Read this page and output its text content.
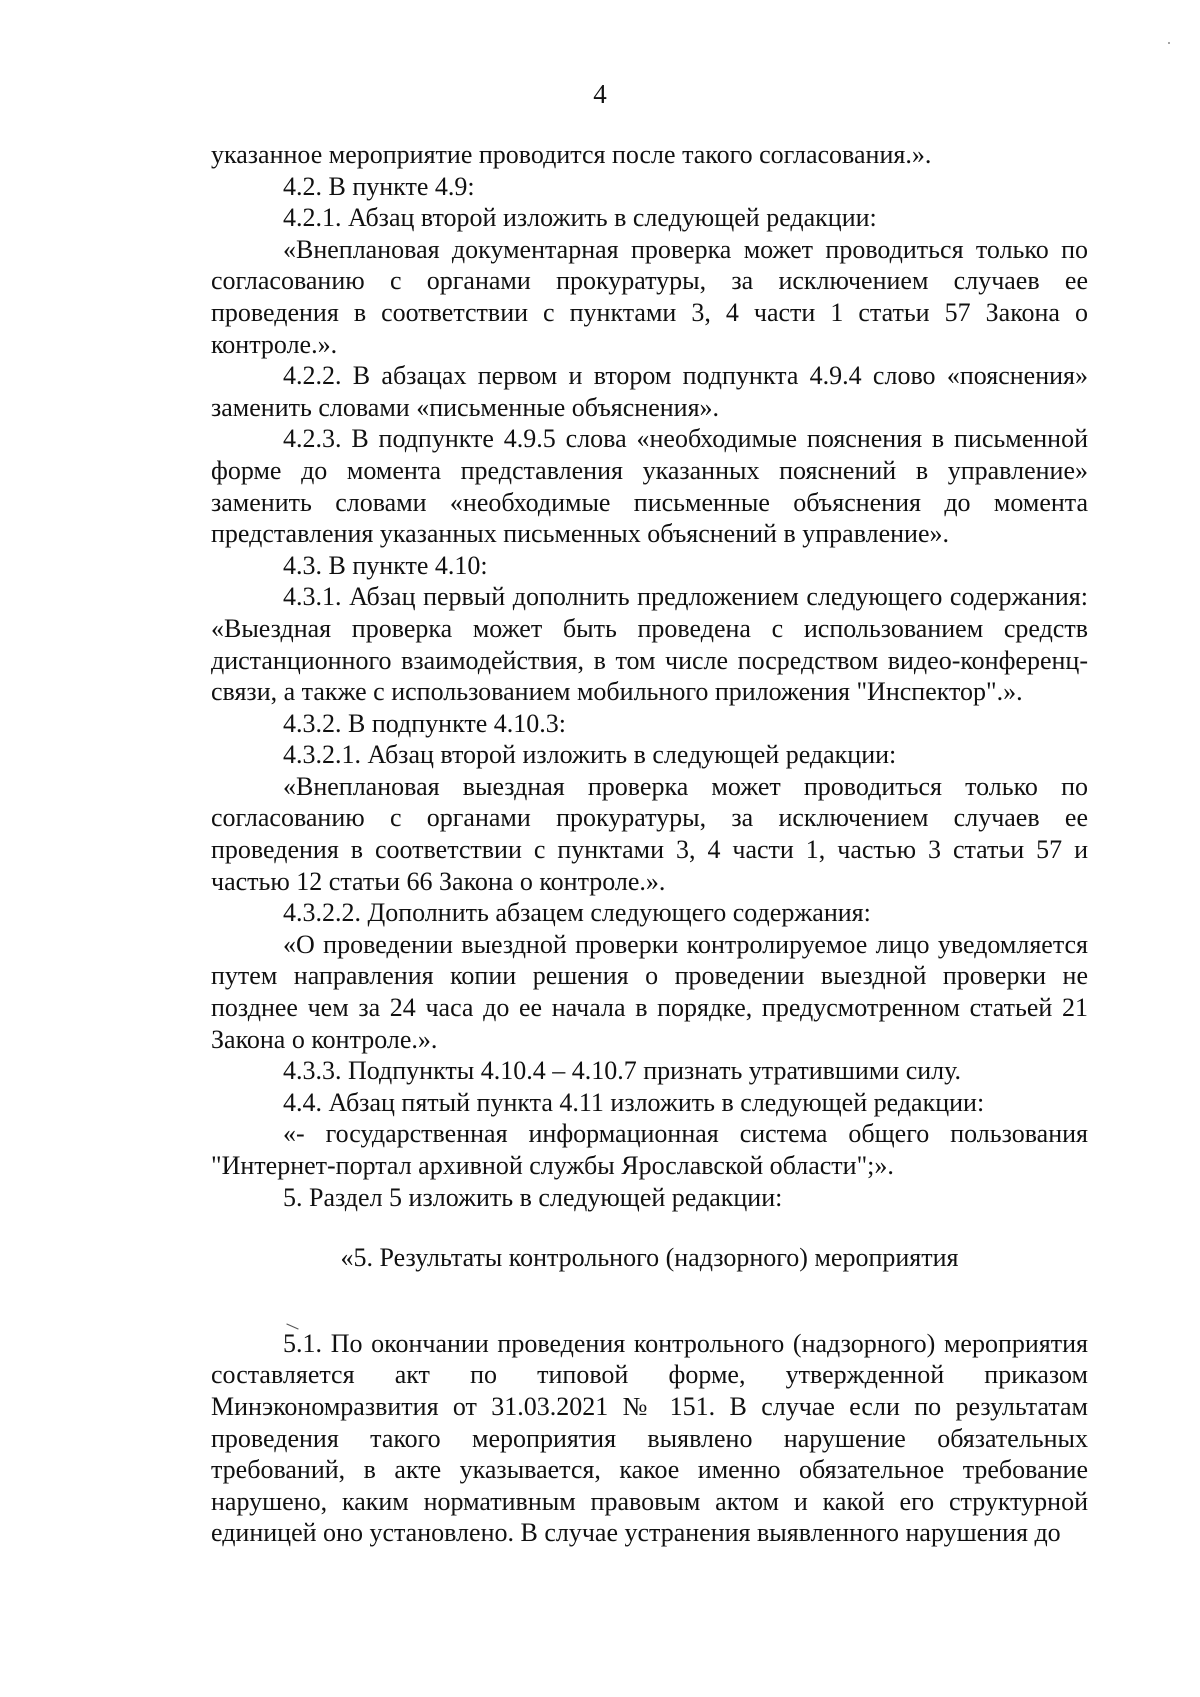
4

указанное мероприятие проводится после такого согласования.».

4.2. В пункте 4.9:

4.2.1. Абзац второй изложить в следующей редакции:

«Внеплановая документарная проверка может проводиться только по согласованию с органами прокуратуры, за исключением случаев ее проведения в соответствии с пунктами 3, 4 части 1 статьи 57 Закона о контроле.».

4.2.2. В абзацах первом и втором подпункта 4.9.4 слово «пояснения» заменить словами «письменные объяснения».

4.2.3. В подпункте 4.9.5 слова «необходимые пояснения в письменной форме до момента представления указанных пояснений в управление» заменить словами «необходимые письменные объяснения до момента представления указанных письменных объяснений в управление».

4.3. В пункте 4.10:

4.3.1. Абзац первый дополнить предложением следующего содержания: «Выездная проверка может быть проведена с использованием средств дистанционного взаимодействия, в том числе посредством видео-конференц-связи, а также с использованием мобильного приложения "Инспектор".».

4.3.2. В подпункте 4.10.3:

4.3.2.1. Абзац второй изложить в следующей редакции:

«Внеплановая выездная проверка может проводиться только по согласованию с органами прокуратуры, за исключением случаев ее проведения в соответствии с пунктами 3, 4 части 1, частью 3 статьи 57 и частью 12 статьи 66 Закона о контроле.».

4.3.2.2. Дополнить абзацем следующего содержания:

«О проведении выездной проверки контролируемое лицо уведомляется путем направления копии решения о проведении выездной проверки не позднее чем за 24 часа до ее начала в порядке, предусмотренном статьей 21 Закона о контроле.».

4.3.3. Подпункты 4.10.4 – 4.10.7 признать утратившими силу.

4.4. Абзац пятый пункта 4.11 изложить в следующей редакции:

«- государственная информационная система общего пользования "Интернет-портал архивной службы Ярославской области";».

5. Раздел 5 изложить в следующей редакции:

«5. Результаты контрольного (надзорного) мероприятия

5.1. По окончании проведения контрольного (надзорного) мероприятия составляется акт по типовой форме, утвержденной приказом Минэкономразвития от 31.03.2021 № 151. В случае если по результатам проведения такого мероприятия выявлено нарушение обязательных требований, в акте указывается, какое именно обязательное требование нарушено, каким нормативным правовым актом и какой его структурной единицей оно установлено. В случае устранения выявленного нарушения до
